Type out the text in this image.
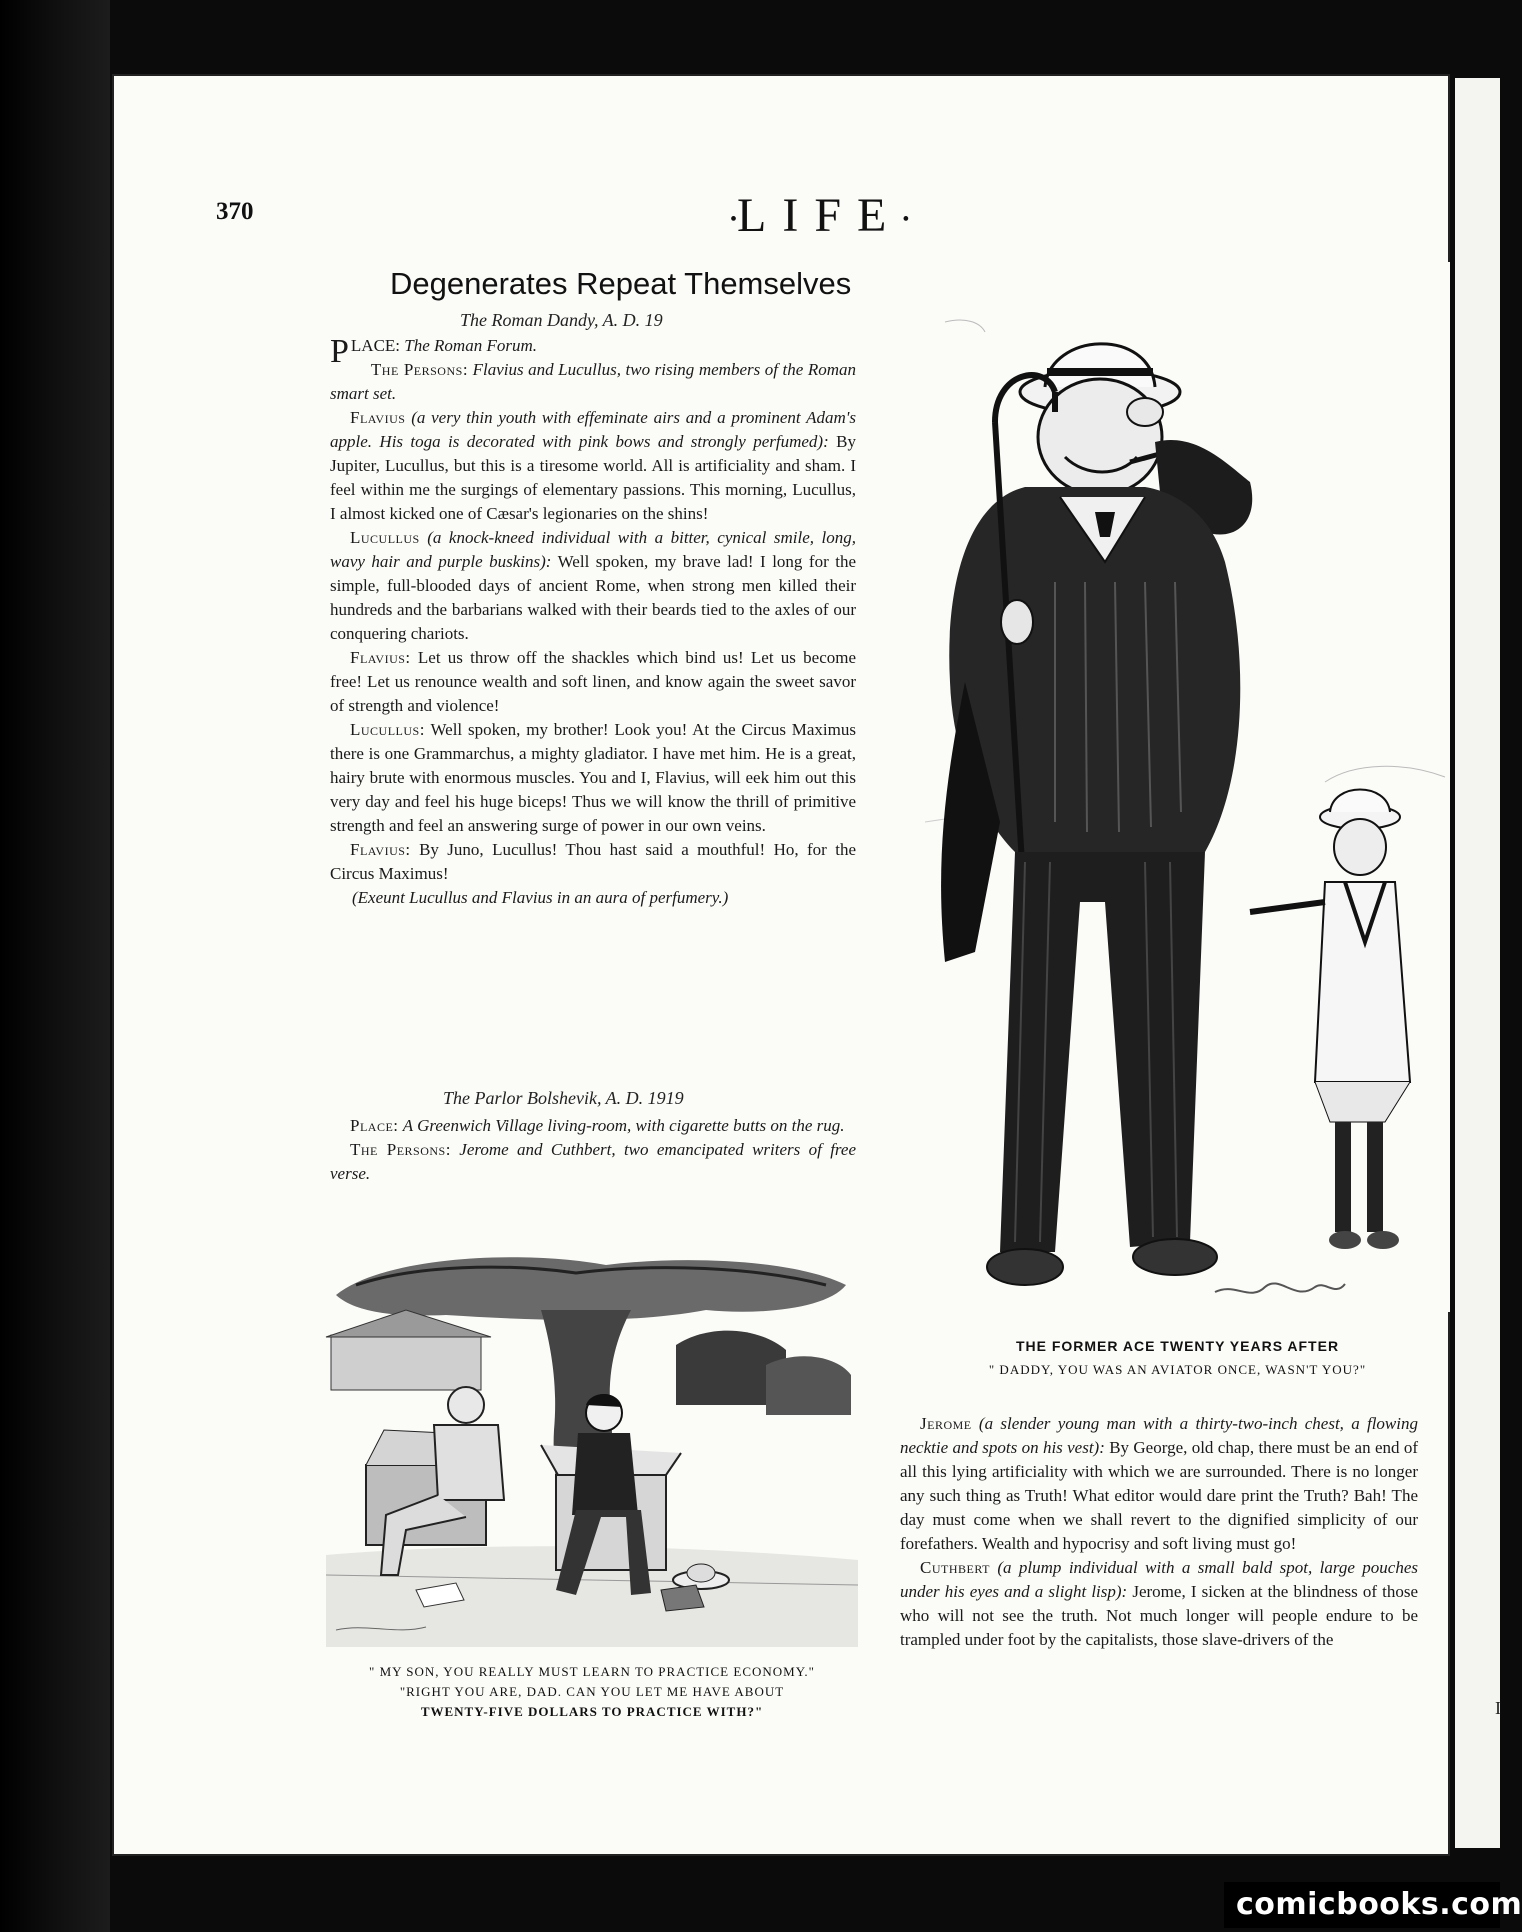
I
370	•LIFE•
Degenerates Repeat Themselves
The Roman Dandy, A. D. 19

PLACE: The Roman Forum.

The Persons: Flavius and Lucullus, two rising members of the Roman smart set.

Flavius (a very thin youth with effeminate airs and a prominent Adam's apple. His toga is decorated with pink bows and strongly perfumed): By Jupiter, Lucullus, but this is a tiresome world. All is artificiality and sham. I feel within me the surgings of elementary passions. This morning, Lucullus, I almost kicked one of Cæsar's legionaries on the shins!

Lucullus (a knock-kneed individual with a bitter, cynical smile, long, wavy hair and purple buskins): Well spoken, my brave lad! I long for the simple, full-blooded days of ancient Rome, when strong men killed their hundreds and the barbarians walked with their beards tied to the axles of our conquering chariots.

Flavius: Let us throw off the shackles which bind us! Let us become free! Let us renounce wealth and soft linen, and know again the sweet savor of strength and violence!

Lucullus: Well spoken, my brother! Look you! At the Circus Maximus there is one Grammarchus, a mighty gladiator. I have met him. He is a great, hairy brute with enormous muscles. You and I, Flavius, will eek him out this very day and feel his huge biceps! Thus we will know the thrill of primitive strength and feel an answering surge of power in our own veins.

Flavius: By Juno, Lucullus! Thou hast said a mouthful! Ho, for the Circus Maximus!

(Exeunt Lucullus and Flavius in an aura of perfumery.)

The Parlor Bolshevik, A. D. 1919

Place: A Greenwich Village living-room, with cigarette butts on the rug.

The Persons: Jerome and Cuthbert, two emancipated writers of free verse.

" MY SON, YOU REALLY MUST LEARN TO PRACTICE ECONOMY."
"RIGHT YOU ARE, DAD. CAN YOU LET ME HAVE ABOUT
TWENTY-FIVE DOLLARS TO PRACTICE WITH?"
THE FORMER ACE TWENTY YEARS AFTER
" DADDY, YOU WAS AN AVIATOR ONCE, WASN'T YOU?"

Jerome (a slender young man with a thirty-two-inch chest, a flowing necktie and spots on his vest): By George, old chap, there must be an end of all this lying artificiality with which we are surrounded. There is no longer any such thing as Truth! What editor would dare print the Truth? Bah! The day must come when we shall revert to the dignified simplicity of our forefathers. Wealth and hypocrisy and soft living must go!

Cuthbert (a plump individual with a small bald spot, large pouches under his eyes and a slight lisp): Jerome, I sicken at the blindness of those who will not see the truth. Not much longer will people endure to be trampled under foot by the capitalists, those slave-drivers of the

comicbooks.com
